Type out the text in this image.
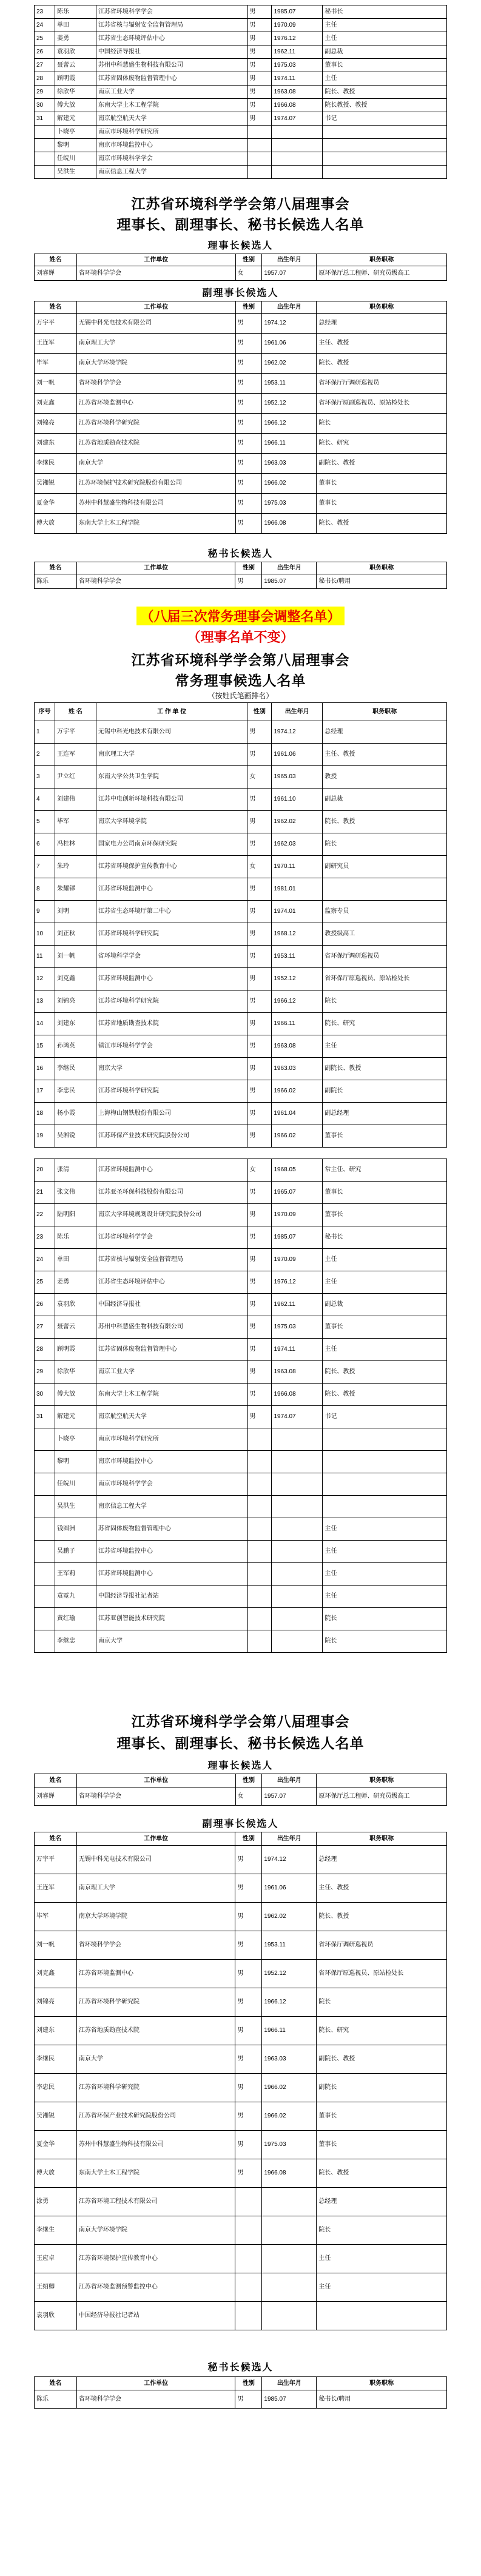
23	陈乐	江苏省环境科学学会	男	1985.07	秘书长
24	单田	江苏省核与辐射安全监督管理局	男	1970.09	主任
25	姜勇	江苏省生态环境评估中心	男	1976.12	主任
26	袁羽欣	中国经济导报社	男	1962.11	副总裁
27	聂蕾云	苏州中科慧盛生物科技有限公司	男	1975.03	董事长
28	顾明霞	江苏省固体废物监督管理中心	男	1974.11	主任
29	徐欣华	南京工业大学	男	1963.08	院长、教授
30	傅大放	东南大学土木工程学院	男	1966.08	院长教授、教授
31	解建元	南京航空航天大学	男	1974.07	书记
	卜晓亭	南京市环境科学研究所			
	黎明	南京市环境监控中心			
	任皖川	南京市环境科学学会			
	吴洪生	南京信息工程大学			
江苏省环境科学学会第八届理事会
理事长、副理事长、秘书长候选人名单
理事长候选人
姓名	工作单位	性别	出生年月	职务职称
刘睿婵	省环境科学学会	女	1957.07	原环保厅总工程师、研究员级高工
副理事长候选人
姓名	工作单位	性别	出生年月	职务职称
万宇平	无锡中科光电技术有限公司	男	1974.12	总经理
王连军	南京理工大学	男	1961.06	主任、教授
毕军	南京大学环境学院	男	1962.02	院长、教授
刘一帆	省环境科学学会	男	1953.11	省环保厅厅调研巡视员
刘克鑫	江苏省环境监测中心	男	1952.12	省环保厅原副巡视员、原站检处长
刘锦亮	江苏省环境科学研究院	男	1966.12	院长
刘建东	江苏省地质勘查技术院	男	1966.11	院长、研究
李继民	南京大学	男	1963.03	副院长、教授
吴湘锐	江苏环境保护技术研究院股份有限公司	男	1966.02	董事长
夏金华	苏州中科慧盛生物科技有限公司	男	1975.03	董事长
傅大放	东南大学土木工程学院	男	1966.08	院长、教授
秘书长候选人
姓名	工作单位	性别	出生年月	职务职称
陈乐	省环境科学学会	男	1985.07	秘书长/聘用
（八届三次常务理事会调整名单）
（理事名单不变）
江苏省环境科学学会第八届理事会
常务理事候选人名单
（按姓氏笔画排名）
序号	姓 名	工 作 单 位	性别	出生年月	职务职称
1	万宇平	无锡中科光电技术有限公司	男	1974.12	总经理
2	王连军	南京理工大学	男	1961.06	主任、教授
3	尹立红	东南大学公共卫生学院	女	1965.03	教授
4	刘建伟	江苏中电创新环境科技有限公司	男	1961.10	副总裁
5	毕军	南京大学环境学院	男	1962.02	院长、教授
6	冯桂林	国家电力公司南京环保研究院	男	1962.03	院长
7	朱玲	江苏省环境保护宣传教育中心	女	1970.11	副研究员
8	朱耀镠	江苏省环境监测中心	男	1981.01	
9	刘明	江苏省生态环境厅第二中心	男	1974.01	监察专员
10	刘正秋	江苏省环境科学研究院	男	1968.12	教授级高工
11	刘一帆	省环境科学学会	男	1953.11	省环保厅调研巡视员
12	刘克鑫	江苏省环境监测中心	男	1952.12	省环保厅原巡视员、原站检处长
13	刘锦亮	江苏省环境科学研究院	男	1966.12	院长
14	刘建东	江苏省地质勘查技术院	男	1966.11	院长、研究
15	孙鸿英	镇江市环境科学学会	男	1963.08	主任
16	李继民	南京大学	男	1963.03	副院长、教授
17	李忠民	江苏省环境科学研究院	男	1966.02	副院长
18	杨小霞	上海梅山钢铁股份有限公司	男	1961.04	副总经理
19	吴湘锐	江苏环保产业技术研究院股份公司	男	1966.02	董事长
20	张清	江苏省环境监测中心	女	1968.05	常主任、研究
21	张文伟	江苏亚圣环保科技股份有限公司	男	1965.07	董事长
22	陆明阳	南京大学环境规划设计研究院股份公司	男	1970.09	董事长
23	陈乐	江苏省环境科学学会	男	1985.07	秘书长
24	单田	江苏省核与辐射安全监督管理局	男	1970.09	主任
25	姜勇	江苏省生态环境评估中心	男	1976.12	主任
26	袁羽欣	中国经济导报社	男	1962.11	副总裁
27	聂蕾云	苏州中科慧盛生物科技有限公司	男	1975.03	董事长
28	顾明霞	江苏省固体废物监督管理中心	男	1974.11	主任
29	徐欣华	南京工业大学	男	1963.08	院长、教授
30	傅大放	东南大学土木工程学院	男	1966.08	院长、教授
31	解建元	南京航空航天大学	男	1974.07	书记
	卜晓亭	南京市环境科学研究所			
	黎明	南京市环境监控中心			
	任皖川	南京市环境科学学会			
	吴洪生	南京信息工程大学			
	钱圆洲	苏省固体废物监督管理中心			主任
	吴鹏子	江苏省环境监控中心			主任
	王军莉	江苏省环境监测中心			主任
	袁霓九	中国经济导报社记者站			主任
	黄红瑜	江苏亚创智能技术研究院			院长
	李继忠	南京大学			院长
江苏省环境科学学会第八届理事会
理事长、副理事长、秘书长候选人名单
理事长候选人
姓名	工作单位	性别	出生年月	职务职称
刘睿婵	省环境科学学会	女	1957.07	原环保厅总工程师、研究员级高工
副理事长候选人
姓名	工作单位	性别	出生年月	职务职称
万宇平	无锡中科光电技术有限公司	男	1974.12	总经理
王连军	南京理工大学	男	1961.06	主任、教授
毕军	南京大学环境学院	男	1962.02	院长、教授
刘一帆	省环境科学学会	男	1953.11	省环保厅调研巡视员
刘克鑫	江苏省环境监测中心	男	1952.12	省环保厅原巡视员、原站检处长
刘锦亮	江苏省环境科学研究院	男	1966.12	院长
刘建东	江苏省地质勘查技术院	男	1966.11	院长、研究
李继民	南京大学	男	1963.03	副院长、教授
李忠民	江苏省环境科学研究院	男	1966.02	副院长
吴湘锐	江苏省环保产业技术研究院股份公司	男	1966.02	董事长
夏金华	苏州中科慧盛生物科技有限公司	男	1975.03	董事长
傅大放	东南大学土木工程学院	男	1966.08	院长、教授
涂勇	江苏省环境工程技术有限公司			总经理
李继生	南京大学环境学院			院长
王应卓	江苏省环境保护宣传教育中心			主任
王绍卿	江苏省环境监测预警监控中心			主任
袁羽欣	中国经济导报社记者站			
秘书长候选人
姓名	工作单位	性别	出生年月	职务职称
陈乐	省环境科学学会	男	1985.07	秘书长/聘用
